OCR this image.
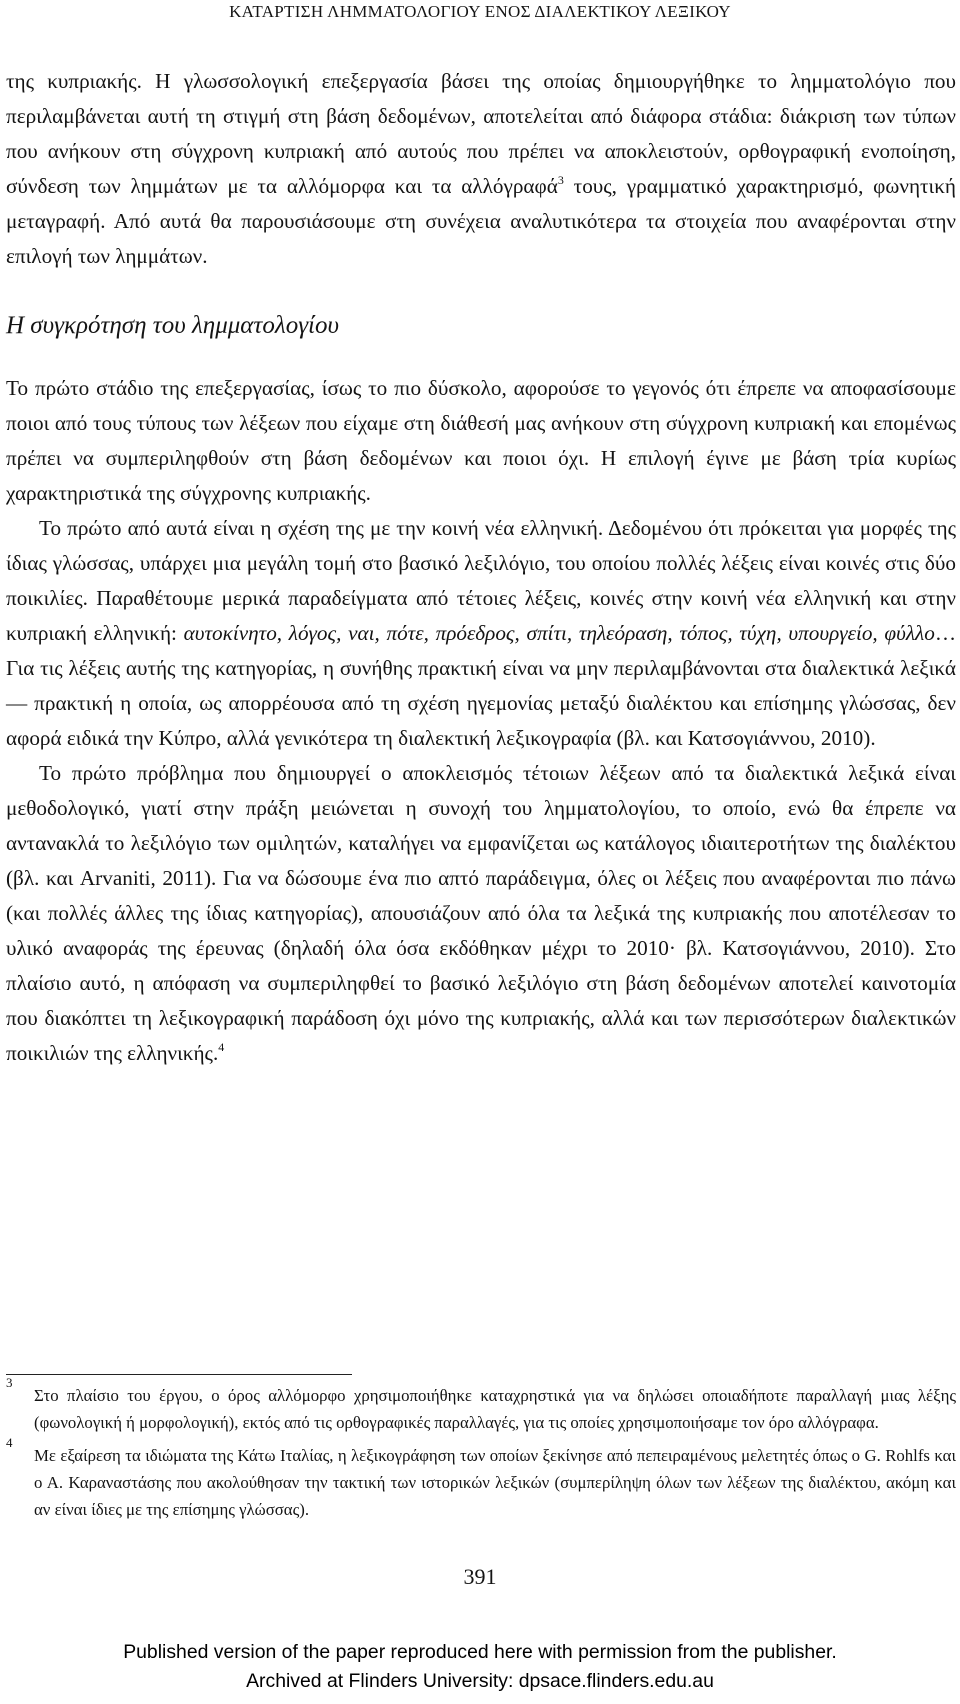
ΚΑΤΑΡΤΙΣΗ ΛΗΜΜΑΤΟΛΟΓΙΟΥ ΕΝΟΣ ΔΙΑΛΕΚΤΙΚΟΥ ΛΕΞΙΚΟΥ

της κυπριακής. Η γλωσσολογική επεξεργασία βάσει της οποίας δημιουργήθηκε το λημματολόγιο που περιλαμβάνεται αυτή τη στιγμή στη βάση δεδομένων, αποτελείται από διάφορα στάδια: διάκριση των τύπων που ανήκουν στη σύγχρονη κυπριακή από αυτούς που πρέπει να αποκλειστούν, ορθογραφική ενοποίηση, σύνδεση των λημμάτων με τα αλλόμορφα και τα αλλόγραφά$^3$ τους, γραμματικό χαρακτηρισμό, φωνητική μεταγραφή. Από αυτά θα παρουσιάσουμε στη συνέχεια αναλυτικότερα τα στοιχεία που αναφέρονται στην επιλογή των λημμάτων.

Η συγκρότηση του λημματολογίου

Το πρώτο στάδιο της επεξεργασίας, ίσως το πιο δύσκολο, αφορούσε το γεγονός ότι έπρεπε να αποφασίσουμε ποιοι από τους τύπους των λέξεων που είχαμε στη διάθεσή μας ανήκουν στη σύγχρονη κυπριακή και επομένως πρέπει να συμπεριληφθούν στη βάση δεδομένων και ποιοι όχι. Η επιλογή έγινε με βάση τρία κυρίως χαρακτηριστικά της σύγχρονης κυπριακής.

Το πρώτο από αυτά είναι η σχέση της με την κοινή νέα ελληνική. Δεδομένου ότι πρόκειται για μορφές της ίδιας γλώσσας, υπάρχει μια μεγάλη τομή στο βασικό λεξιλόγιο, του οποίου πολλές λέξεις είναι κοινές στις δύο ποικιλίες. Παραθέτουμε μερικά παραδείγματα από τέτοιες λέξεις, κοινές στην κοινή νέα ελληνική και στην κυπριακή ελληνική: αυτοκίνητο, λόγος, ναι, πότε, πρόεδρος, σπίτι, τηλεόραση, τόπος, τύχη, υπουργείο, φύλλο… Για τις λέξεις αυτής της κατηγορίας, η συνήθης πρακτική είναι να μην περιλαμβάνονται στα διαλεκτικά λεξικά — πρακτική η οποία, ως απορρέουσα από τη σχέση ηγεμονίας μεταξύ διαλέκτου και επίσημης γλώσσας, δεν αφορά ειδικά την Κύπρο, αλλά γενικότερα τη διαλεκτική λεξικογραφία (βλ. και Κατσογιάννου, 2010).

Το πρώτο πρόβλημα που δημιουργεί ο αποκλεισμός τέτοιων λέξεων από τα διαλεκτικά λεξικά είναι μεθοδολογικό, γιατί στην πράξη μειώνεται η συνοχή του λημματολογίου, το οποίο, ενώ θα έπρεπε να αντανακλά το λεξιλόγιο των ομιλητών, καταλήγει να εμφανίζεται ως κατάλογος ιδιαιτεροτήτων της διαλέκτου (βλ. και Arvaniti, 2011). Για να δώσουμε ένα πιο απτό παράδειγμα, όλες οι λέξεις που αναφέρονται πιο πάνω (και πολλές άλλες της ίδιας κατηγορίας), απουσιάζουν από όλα τα λεξικά της κυπριακής που αποτέλεσαν το υλικό αναφοράς της έρευνας (δηλαδή όλα όσα εκδόθηκαν μέχρι το 2010· βλ. Κατσογιάννου, 2010). Στο πλαίσιο αυτό, η απόφαση να συμπεριληφθεί το βασικό λεξιλόγιο στη βάση δεδομένων αποτελεί καινοτομία που διακόπτει τη λεξικογραφική παράδοση όχι μόνο της κυπριακής, αλλά και των περισσότερων διαλεκτικών ποικιλιών της ελληνικής.$^4$

3
Στο πλαίσιο του έργου, ο όρος αλλόμορφο χρησιμοποιήθηκε καταχρηστικά για να δηλώσει οποιαδήποτε παραλλαγή μιας λέξης (φωνολογική ή μορφολογική), εκτός από τις ορθογραφικές παραλλαγές, για τις οποίες χρησιμοποιήσαμε τον όρο αλλόγραφα.
4
Με εξαίρεση τα ιδιώματα της Κάτω Ιταλίας, η λεξικογράφηση των οποίων ξεκίνησε από πεπειραμένους μελετητές όπως ο G. Rohlfs και ο Α. Καραναστάσης που ακολούθησαν την τακτική των ιστορικών λεξικών (συμπερίληψη όλων των λέξεων της διαλέκτου, ακόμη και αν είναι ίδιες με της επίσημης γλώσσας).
391
Published version of the paper reproduced here with permission from the publisher.
Archived at Flinders University: dpsace.flinders.edu.au
